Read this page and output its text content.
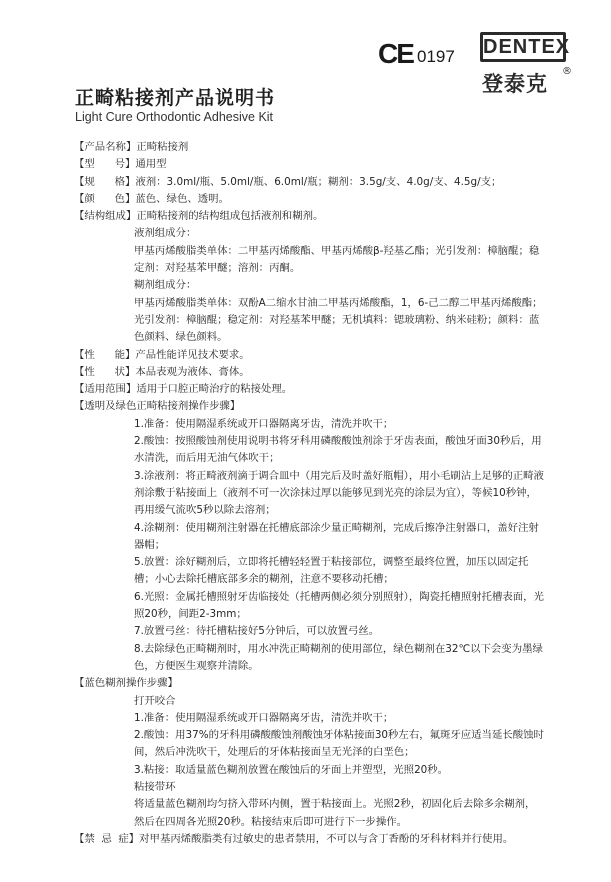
CE 0197 DENTEX
登泰克
®
正畸粘接剂产品说明书
Light Cure Orthodontic Adhesive Kit
【产品名称】 正畸粘接剂
【型      号】 通用型
【规      格】 液剂：3.0ml/瓶、5.0ml/瓶、6.0ml/瓶；糊剂：3.5g/支、4.0g/支、4.5g/支；
【颜      色】 蓝色、绿色、透明。
【结构组成】 正畸粘接剂的结构组成包括液剂和糊剂。
液剂组成分：
甲基丙烯酸脂类单体：二甲基丙烯酸酯、甲基丙烯酸β-羟基乙酯；光引发剂：樟脑醌；稳定剂：对羟基苯甲醚；溶剂：丙酮。
糊剂组成分：
甲基丙烯酸脂类单体：双酚A二缩水甘油二甲基丙烯酸酯，1，6-己二醇二甲基丙烯酸酯；光引发剂：樟脑醌；稳定剂：对羟基苯甲醚；无机填料：锶玻璃粉、纳米硅粉；颜料：蓝色颜料、绿色颜料。
【性      能】 产品性能详见技术要求。
【性      状】 本品表观为液体、膏体。
【适用范围】 适用于口腔正畸治疗的粘接处理。
【透明及绿色正畸粘接剂操作步骤】
1.准备：使用隔湿系统或开口器隔离牙齿，清洗并吹干；
2.酸蚀：按照酸蚀剂使用说明书将牙科用磷酸酸蚀剂涂于牙齿表面，酸蚀牙面30秒后，用水清洗，而后用无油气体吹干；
3.涂液剂：将正畸液剂滴于调合皿中（用完后及时盖好瓶帽），用小毛刷沾上足够的正畸液剂涂敷于粘接面上（液剂不可一次涂抹过厚以能够见到光亮的涂层为宜），等候10秒钟，再用缓气流吹5秒以除去溶剂；
4.涂糊剂：使用糊剂注射器在托槽底部涂少量正畸糊剂，完成后擦净注射器口，盖好注射器帽；
5.放置：涂好糊剂后，立即将托槽轻轻置于粘接部位，调整至最终位置，加压以固定托槽；小心去除托槽底部多余的糊剂，注意不要移动托槽；
6.光照：金属托槽照射牙齿临接处（托槽两侧必须分别照射），陶瓷托槽照射托槽表面，光照20秒，间距2-3mm；
7.放置弓丝：待托槽粘接好5分钟后，可以放置弓丝。
8.去除绿色正畸糊剂时，用水冲洗正畸糊剂的使用部位，绿色糊剂在32℃以下会变为墨绿色，方便医生观察并清除。
【蓝色糊剂操作步骤】
打开咬合
1.准备：使用隔湿系统或开口器隔离牙齿，清洗并吹干；
2.酸蚀：用37%的牙科用磷酸酸蚀剂酸蚀牙体粘接面30秒左右，氟斑牙应适当延长酸蚀时间，然后冲洗吹干，处理后的牙体粘接面呈无光泽的白垩色；
3.粘接：取适量蓝色糊剂放置在酸蚀后的牙面上并塑型，光照20秒。
粘接带环
将适量蓝色糊剂均匀挤入带环内侧，置于粘接面上。光照2秒，初固化后去除多余糊剂，然后在四周各光照20秒。粘接结束后即可进行下一步操作。
【禁  忌  症】 对甲基丙烯酸脂类有过敏史的患者禁用，不可以与含丁香酚的牙科材料并行使用。
